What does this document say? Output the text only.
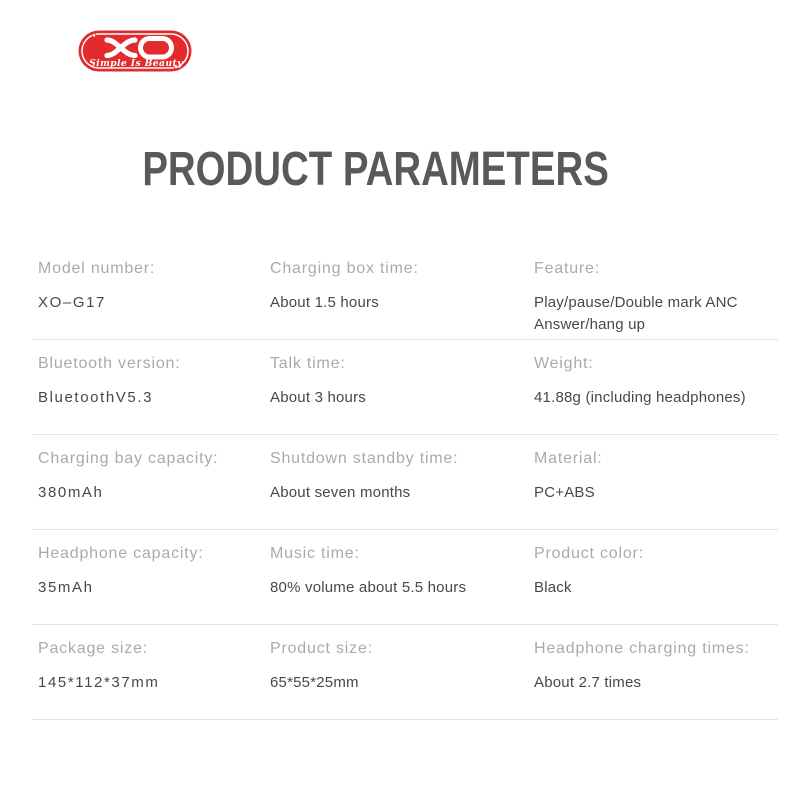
Simple Is Beauty
PRODUCT PARAMETERS
Model number:
XO–G17
Charging box time:
About 1.5 hours
Feature:
Play/pause/Double mark ANC Answer/hang up
Bluetooth version:
BluetoothV5.3
Talk time:
About 3 hours
Weight:
41.88g (including headphones)
Charging bay capacity:
380mAh
Shutdown standby time:
About seven months
Material:
PC+ABS
Headphone capacity:
35mAh
Music time:
80% volume about 5.5 hours
Product color:
Black
Package size:
145*112*37mm
Product size:
65*55*25mm
Headphone charging times:
About 2.7 times
